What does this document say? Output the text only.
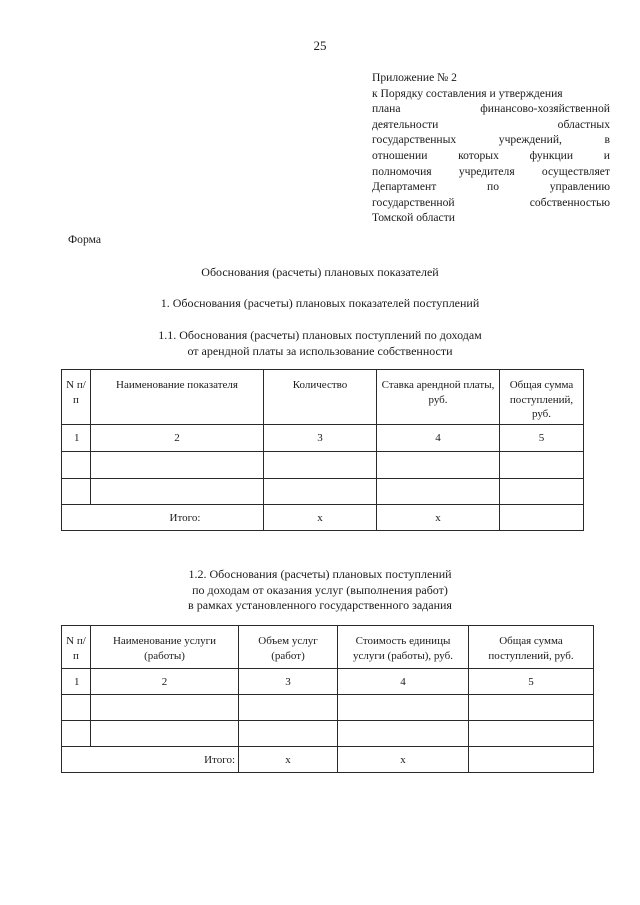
25
Приложение № 2
к Порядку составления и утверждения
плана финансово-хозяйственной
деятельности областных
государственных учреждений, в
отношении которых функции и
полномочия учредителя осуществляет
Департамент по управлению
государственной собственностью
Томской области
Форма
Обоснования (расчеты) плановых показателей
1. Обоснования (расчеты) плановых показателей поступлений
1.1. Обоснования (расчеты) плановых поступлений по доходам
от арендной платы за использование собственности
N п/п	Наименование показателя	Количество	Ставка арендной платы, руб.	Общая сумма поступлений, руб.
1	2	3	4	5

Итого:		х	х	
1.2. Обоснования (расчеты) плановых поступлений
по доходам от оказания услуг (выполнения работ)
в рамках установленного государственного задания
N п/п	Наименование услуги (работы)	Объем услуг (работ)	Стоимость единицы услуги (работы), руб.	Общая сумма поступлений, руб.
1	2	3	4	5

Итого:		х	х	
